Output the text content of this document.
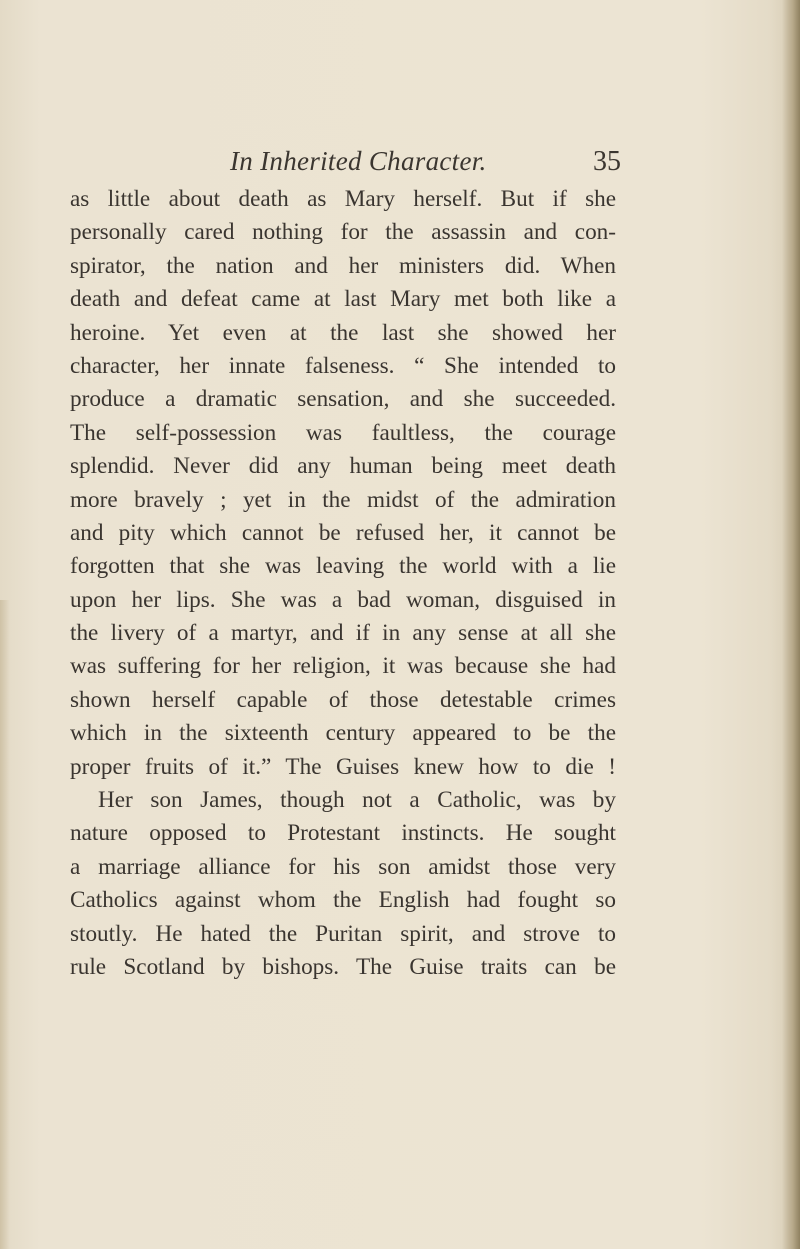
In Inherited Character.	35
as little about death as Mary herself. But if she
personally cared nothing for the assassin and con-
spirator, the nation and her ministers did. When
death and defeat came at last Mary met both like a
heroine. Yet even at the last she showed her
character, her innate falseness. “ She intended to
produce a dramatic sensation, and she succeeded.
The self-possession was faultless, the courage
splendid. Never did any human being meet death
more bravely ; yet in the midst of the admiration
and pity which cannot be refused her, it cannot be
forgotten that she was leaving the world with a lie
upon her lips. She was a bad woman, disguised in
the livery of a martyr, and if in any sense at all she
was suffering for her religion, it was because she had
shown herself capable of those detestable crimes
which in the sixteenth century appeared to be the
proper fruits of it.” The Guises knew how to die !
Her son James, though not a Catholic, was by
nature opposed to Protestant instincts. He sought
a marriage alliance for his son amidst those very
Catholics against whom the English had fought so
stoutly. He hated the Puritan spirit, and strove to
rule Scotland by bishops. The Guise traits can be
